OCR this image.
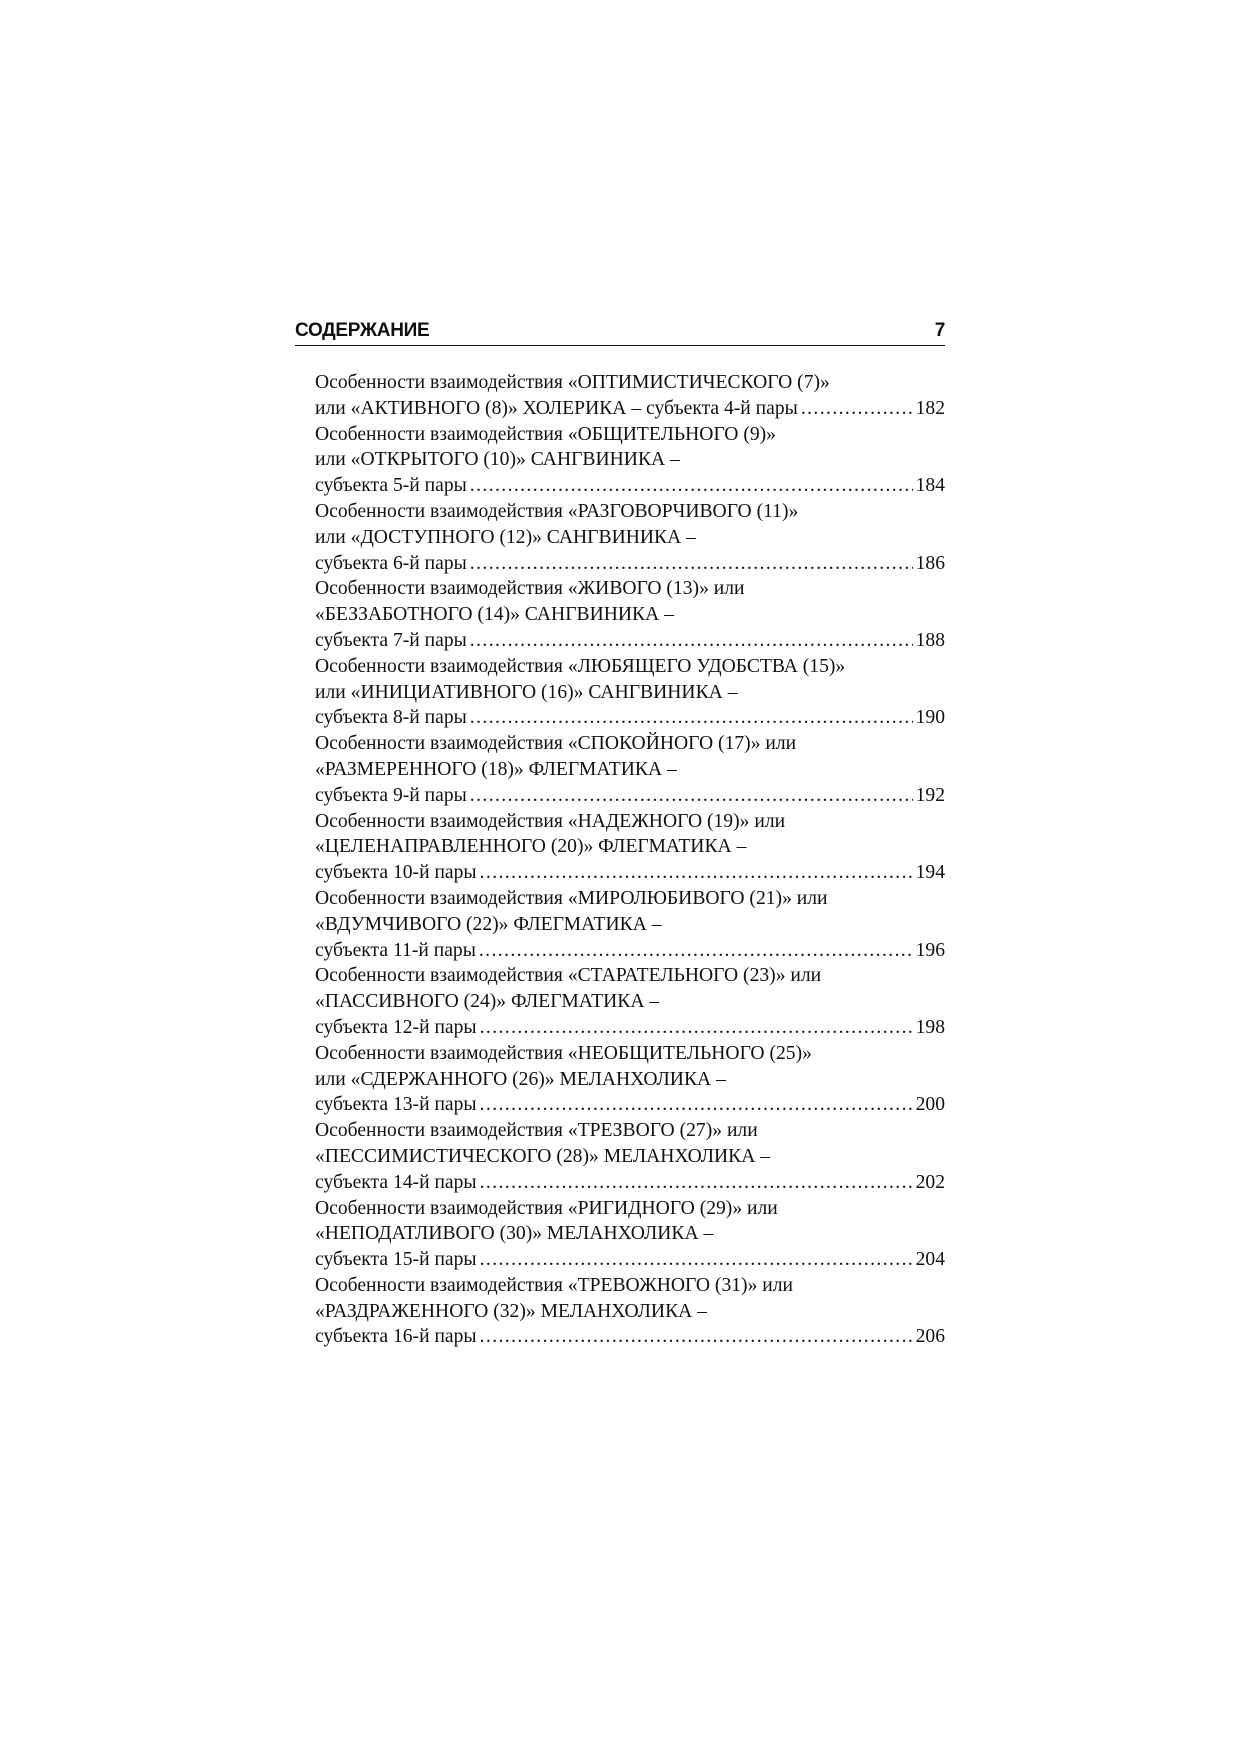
СОДЕРЖАНИЕ	7
Особенности взаимодействия «ОПТИМИСТИЧЕСКОГО (7)»
или «АКТИВНОГО (8)» ХОЛЕРИКА – субъекта 4-й пары .....	182
Особенности взаимодействия «ОБЩИТЕЛЬНОГО (9)»
или «ОТКРЫТОГО (10)» САНГВИНИКА –
субъекта 5-й пары .....	184
Особенности взаимодействия «РАЗГОВОРЧИВОГО (11)»
или «ДОСТУПНОГО (12)» САНГВИНИКА –
субъекта 6-й пары .....	186
Особенности взаимодействия «ЖИВОГО (13)» или
«БЕЗЗАБОТНОГО (14)» САНГВИНИКА –
субъекта 7-й пары .....	188
Особенности взаимодействия «ЛЮБЯЩЕГО УДОБСТВА (15)»
или «ИНИЦИАТИВНОГО (16)» САНГВИНИКА –
субъекта 8-й пары .....	190
Особенности взаимодействия «СПОКОЙНОГО (17)» или
«РАЗМЕРЕННОГО (18)» ФЛЕГМАТИКА –
субъекта 9-й пары .....	192
Особенности взаимодействия «НАДЕЖНОГО (19)» или
«ЦЕЛЕНАПРАВЛЕННОГО (20)» ФЛЕГМАТИКА –
субъекта 10-й пары .....	194
Особенности взаимодействия «МИРОЛЮБИВОГО (21)» или
«ВДУМЧИВОГО (22)» ФЛЕГМАТИКА –
субъекта 11-й пары .....	196
Особенности взаимодействия «СТАРАТЕЛЬНОГО (23)» или
«ПАССИВНОГО (24)» ФЛЕГМАТИКА –
субъекта 12-й пары .....	198
Особенности взаимодействия «НЕОБЩИТЕЛЬНОГО (25)»
или «СДЕРЖАННОГО (26)» МЕЛАНХОЛИКА –
субъекта 13-й пары .....	200
Особенности взаимодействия «ТРЕЗВОГО (27)» или
«ПЕССИМИСТИЧЕСКОГО (28)» МЕЛАНХОЛИКА –
субъекта 14-й пары .....	202
Особенности взаимодействия «РИГИДНОГО (29)» или
«НЕПОДАТЛИВОГО (30)» МЕЛАНХОЛИКА –
субъекта 15-й пары .....	204
Особенности взаимодействия «ТРЕВОЖНОГО (31)» или
«РАЗДРАЖЕННОГО (32)» МЕЛАНХОЛИКА –
субъекта 16-й пары .....	206
